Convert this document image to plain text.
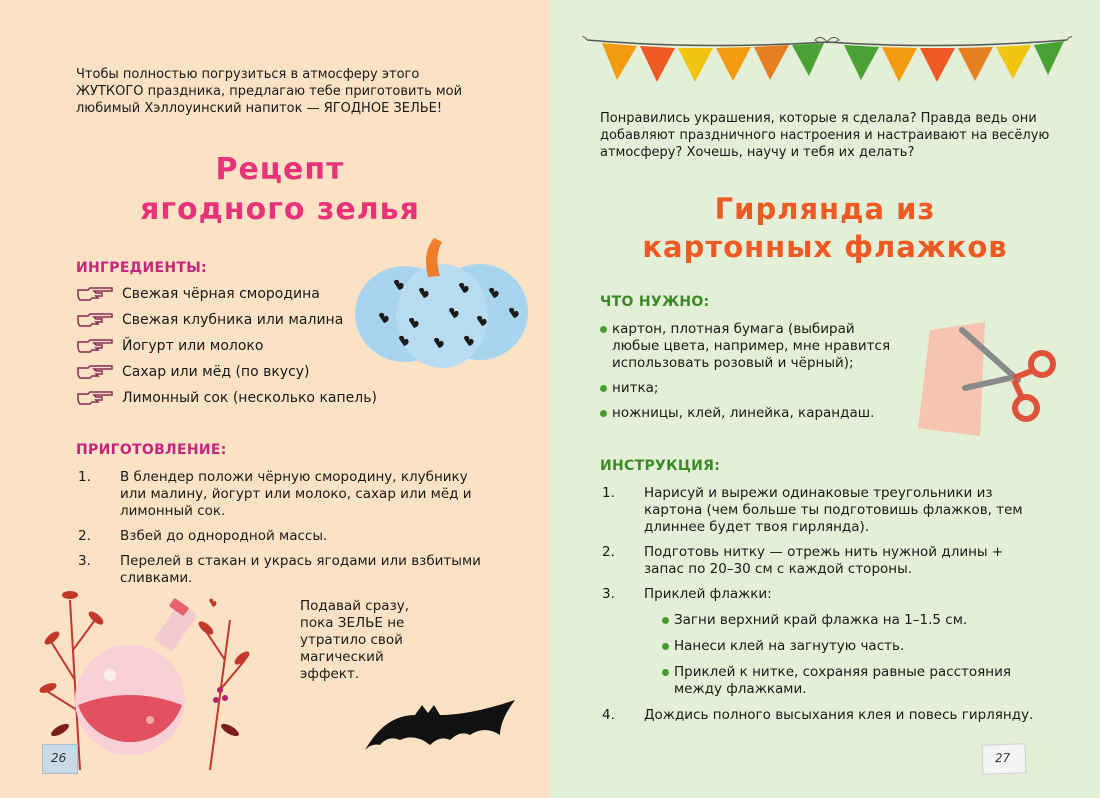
Чтобы полностью погрузиться в атмосферу этого ЖУТКОГО праздника, предлагаю тебе приготовить мой любимый Хэллоуинский напиток — ЯГОДНОЕ ЗЕЛЬЕ!
Рецепт
ягодного зелья
ИНГРЕДИЕНТЫ:
Свежая чёрная смородина
Свежая клубника или малина
Йогурт или молоко
Сахар или мёд (по вкусу)
Лимонный сок (несколько капель)
ПРИГОТОВЛЕНИЕ:
1. В блендер положи чёрную смородину, клубнику или малину, йогурт или молоко, сахар или мёд и лимонный сок.
2. Взбей до однородной массы.
3. Перелей в стакан и укрась ягодами или взбитыми сливками.
Подавай сразу, пока ЗЕЛЬЕ не утратило свой магический эффект.
26
Понравились украшения, которые я сделала? Правда ведь они добавляют праздничного настроения и настраивают на весёлую атмосферу? Хочешь, научу и тебя их делать?
Гирлянда из
картонных флажков
ЧТО НУЖНО:
картон, плотная бумага (выбирай любые цвета, например, мне нравится использовать розовый и чёрный);
нитка;
ножницы, клей, линейка, карандаш.
ИНСТРУКЦИЯ:
1. Нарисуй и вырежи одинаковые треугольники из картона (чем больше ты подготовишь флажков, тем длиннее будет твоя гирлянда).
2. Подготовь нитку — отрежь нить нужной длины + запас по 20–30 см с каждой стороны.
3. Приклей флажки:
Загни верхний край флажка на 1–1.5 см.
Нанеси клей на загнутую часть.
Приклей к нитке, сохраняя равные расстояния между флажками.
4. Дождись полного высыхания клея и повесь гирлянду.
27
